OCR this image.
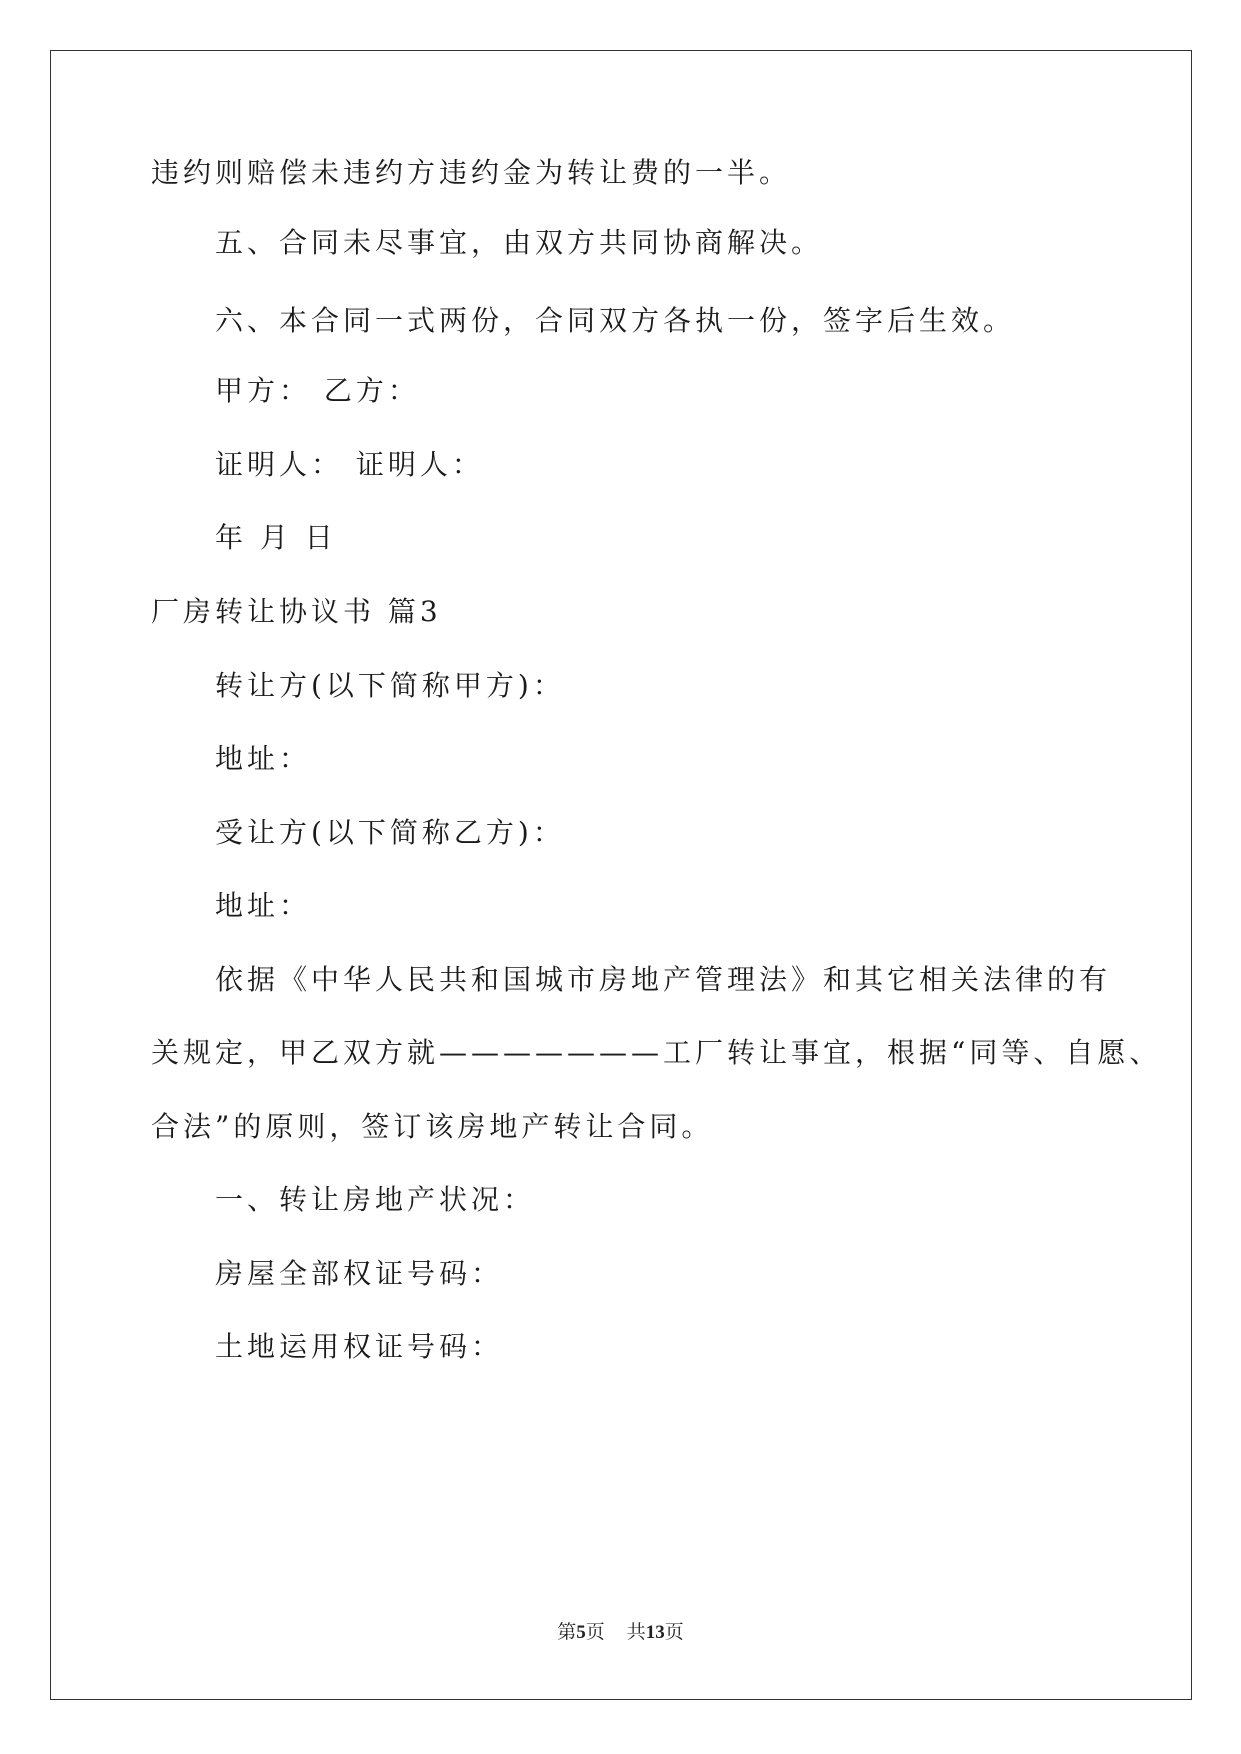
违约则赔偿未违约方违约金为转让费的一半。
五、合同未尽事宜，由双方共同协商解决。
六、本合同一式两份，合同双方各执一份，签字后生效。
甲方： 乙方：
证明人： 证明人：
年 月 日
厂房转让协议书 篇3
转让方(以下简称甲方)：
地址：
受让方(以下简称乙方)：
地址：
依据《中华人民共和国城市房地产管理法》和其它相关法律的有
关规定，甲乙双方就———————工厂转让事宜，根据“同等、自愿、
合法”的原则，签订该房地产转让合同。
一、转让房地产状况：
房屋全部权证号码：
土地运用权证号码：
第5页 共13页
